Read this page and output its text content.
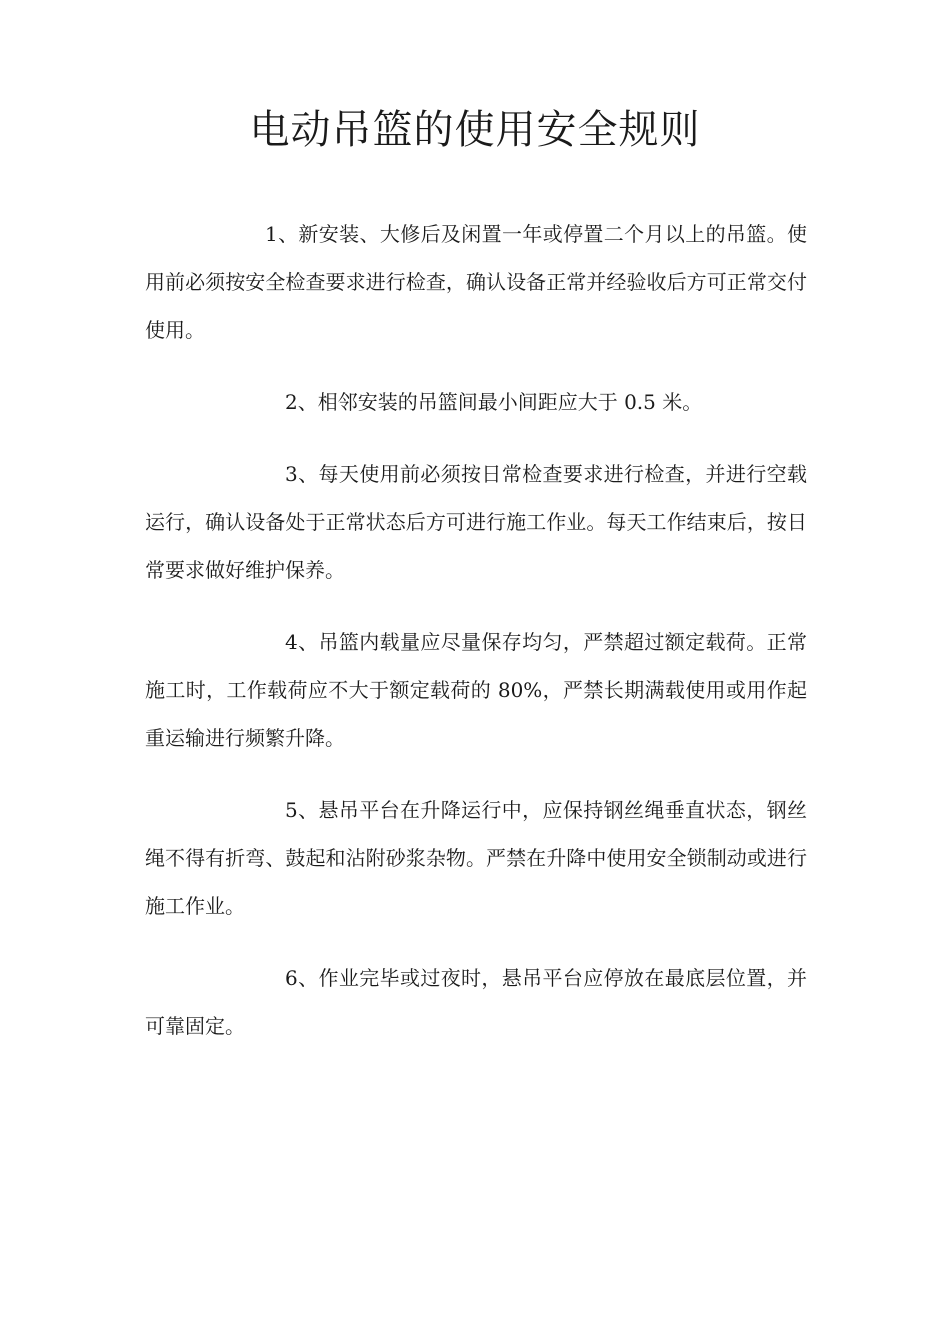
电动吊篮的使用安全规则

1、新安装、大修后及闲置一年或停置二个月以上的吊篮。使用前必须按安全检查要求进行检查，确认设备正常并经验收后方可正常交付使用。

2、相邻安装的吊篮间最小间距应大于 0.5 米。

3、每天使用前必须按日常检查要求进行检查，并进行空载运行，确认设备处于正常状态后方可进行施工作业。每天工作结束后，按日常要求做好维护保养。

4、吊篮内载量应尽量保存均匀，严禁超过额定载荷。正常施工时，工作载荷应不大于额定载荷的 80%，严禁长期满载使用或用作起重运输进行频繁升降。

5、悬吊平台在升降运行中，应保持钢丝绳垂直状态，钢丝绳不得有折弯、鼓起和沾附砂浆杂物。严禁在升降中使用安全锁制动或进行施工作业。

6、作业完毕或过夜时，悬吊平台应停放在最底层位置，并可靠固定。
